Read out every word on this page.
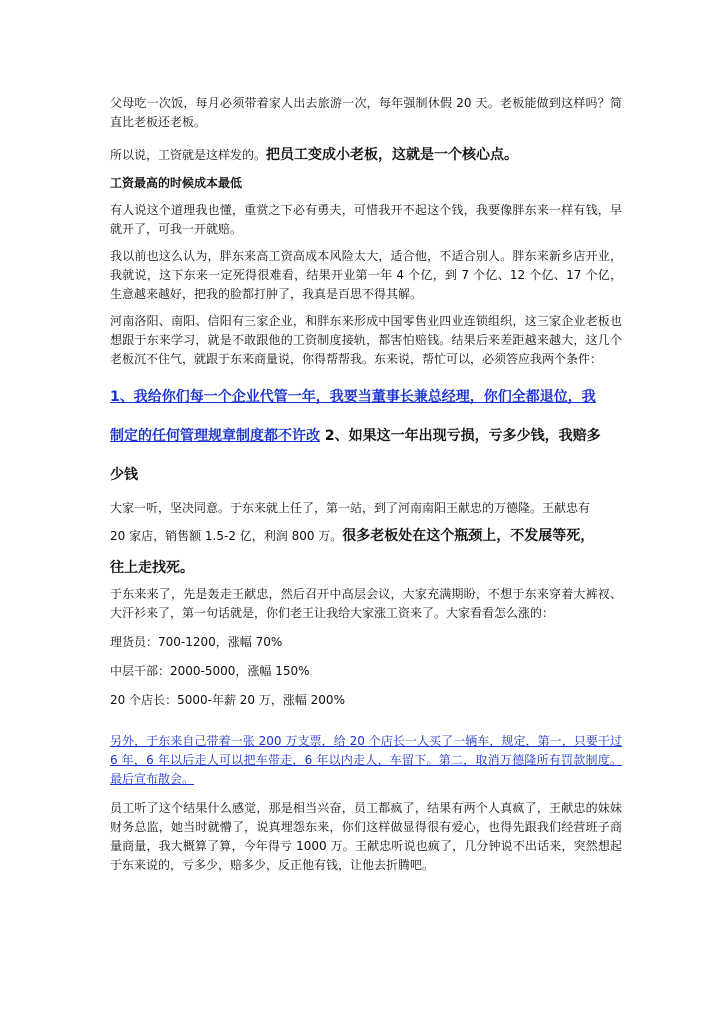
父母吃一次饭，每月必须带着家人出去旅游一次，每年强制休假 20 天。老板能做到这样吗？简直比老板还老板。

所以说，工资就是这样发的。把员工变成小老板，这就是一个核心点。

工资最高的时候成本最低

有人说这个道理我也懂，重赏之下必有勇夫，可惜我开不起这个钱，我要像胖东来一样有钱，早就开了，可我一开就赔。

我以前也这么认为，胖东来高工资高成本风险太大，适合他，不适合别人。胖东来新乡店开业，我就说，这下东来一定死得很难看，结果开业第一年 4 个亿，到 7 个亿、12 个亿、17 个亿，生意越来越好，把我的脸都打肿了，我真是百思不得其解。

河南洛阳、南阳、信阳有三家企业，和胖东来形成中国零售业四业连锁组织，这三家企业老板也想跟于东来学习，就是不敢跟他的工资制度接轨，都害怕赔钱。结果后来差距越来越大，这几个老板沉不住气，就跟于东来商量说，你得帮帮我。东来说，帮忙可以，必须答应我两个条件：

1、我给你们每一个企业代管一年，我要当董事长兼总经理，你们全都退位，我

制定的任何管理规章制度都不许改 2、如果这一年出现亏损，亏多少钱，我赔多

少钱

大家一听，坚决同意。于东来就上任了，第一站，到了河南南阳王献忠的万德隆。王献忠有

20 家店，销售额 1.5-2 亿，利润 800 万。很多老板处在这个瓶颈上，不发展等死，

往上走找死。

于东来来了，先是轰走王献忠，然后召开中高层会议，大家充满期盼，不想于东来穿着大裤衩、大汗衫来了，第一句话就是，你们老王让我给大家涨工资来了。大家看看怎么涨的：

理货员：700-1200，涨幅 70%

中层干部：2000-5000，涨幅 150%

20 个店长：5000-年薪 20 万，涨幅 200%

另外，于东来自己带着一张 200 万支票，给 20 个店长一人买了一辆车，规定，第一，只要干过 6 年，6 年以后走人可以把车带走，6 年以内走人，车留下。第二，取消万德隆所有罚款制度。最后宣布散会。

员工听了这个结果什么感觉，那是相当兴奋，员工都疯了，结果有两个人真疯了，王献忠的妹妹财务总监，她当时就懵了，说真埋怨东来，你们这样做显得很有爱心，也得先跟我们经营班子商量商量，我大概算了算，今年得亏 1000 万。王献忠听说也疯了，几分钟说不出话来，突然想起于东来说的，亏多少，赔多少，反正他有钱，让他去折腾吧。
